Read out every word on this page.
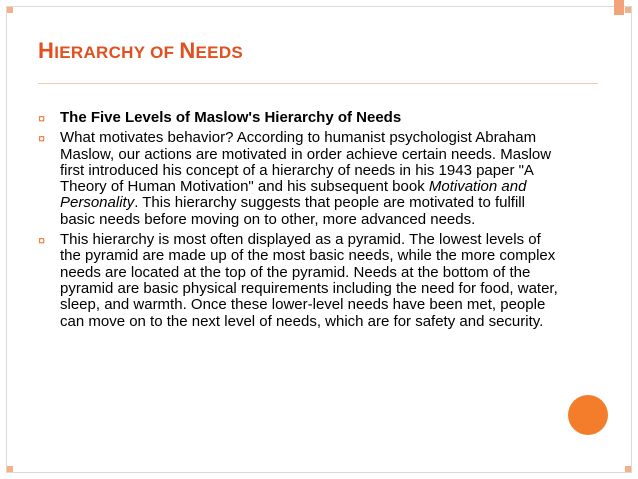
HIERARCHY OF NEEDS
¤ The Five Levels of Maslow's Hierarchy of Needs
¤ What motivates behavior? According to humanist psychologist Abraham Maslow, our actions are motivated in order achieve certain needs. Maslow first introduced his concept of a hierarchy of needs in his 1943 paper "A Theory of Human Motivation" and his subsequent book Motivation and Personality. This hierarchy suggests that people are motivated to fulfill basic needs before moving on to other, more advanced needs.
¤ This hierarchy is most often displayed as a pyramid. The lowest levels of the pyramid are made up of the most basic needs, while the more complex needs are located at the top of the pyramid. Needs at the bottom of the pyramid are basic physical requirements including the need for food, water, sleep, and warmth. Once these lower-level needs have been met, people can move on to the next level of needs, which are for safety and security.
